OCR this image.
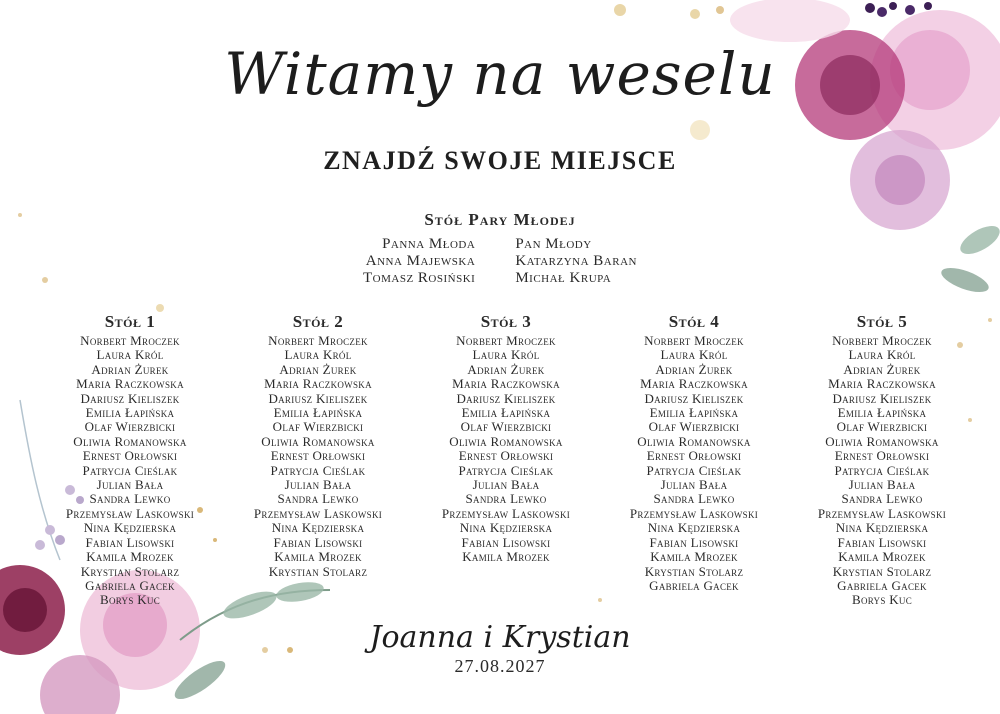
Witamy na weselu
ZNAJDŹ SWOJE MIEJSCE
Stół Pary Młodej
Panna Młoda
Anna Majewska
Tomasz Rosiński
Pan Młody
Katarzyna Baran
Michał Krupa
Stół 1
Norbert Mroczek
Laura Król
Adrian Żurek
Maria Raczkowska
Dariusz Kieliszek
Emilia Łapińska
Olaf Wierzbicki
Oliwia Romanowska
Ernest Orłowski
Patrycja Cieślak
Julian Bała
Sandra Lewko
Przemysław Laskowski
Nina Kędzierska
Fabian Lisowski
Kamila Mrozek
Krystian Stolarz
Gabriela Gacek
Borys Kuc
Stół 2
Norbert Mroczek
Laura Król
Adrian Żurek
Maria Raczkowska
Dariusz Kieliszek
Emilia Łapińska
Olaf Wierzbicki
Oliwia Romanowska
Ernest Orłowski
Patrycja Cieślak
Julian Bała
Sandra Lewko
Przemysław Laskowski
Nina Kędzierska
Fabian Lisowski
Kamila Mrozek
Krystian Stolarz
Stół 3
Norbert Mroczek
Laura Król
Adrian Żurek
Maria Raczkowska
Dariusz Kieliszek
Emilia Łapińska
Olaf Wierzbicki
Oliwia Romanowska
Ernest Orłowski
Patrycja Cieślak
Julian Bała
Sandra Lewko
Przemysław Laskowski
Nina Kędzierska
Fabian Lisowski
Kamila Mrozek
Stół 4
Norbert Mroczek
Laura Król
Adrian Żurek
Maria Raczkowska
Dariusz Kieliszek
Emilia Łapińska
Olaf Wierzbicki
Oliwia Romanowska
Ernest Orłowski
Patrycja Cieślak
Julian Bała
Sandra Lewko
Przemysław Laskowski
Nina Kędzierska
Fabian Lisowski
Kamila Mrozek
Krystian Stolarz
Gabriela Gacek
Stół 5
Norbert Mroczek
Laura Król
Adrian Żurek
Maria Raczkowska
Dariusz Kieliszek
Emilia Łapińska
Olaf Wierzbicki
Oliwia Romanowska
Ernest Orłowski
Patrycja Cieślak
Julian Bała
Sandra Lewko
Przemysław Laskowski
Nina Kędzierska
Fabian Lisowski
Kamila Mrozek
Krystian Stolarz
Gabriela Gacek
Borys Kuc
Joanna i Krystian
27.08.2027
